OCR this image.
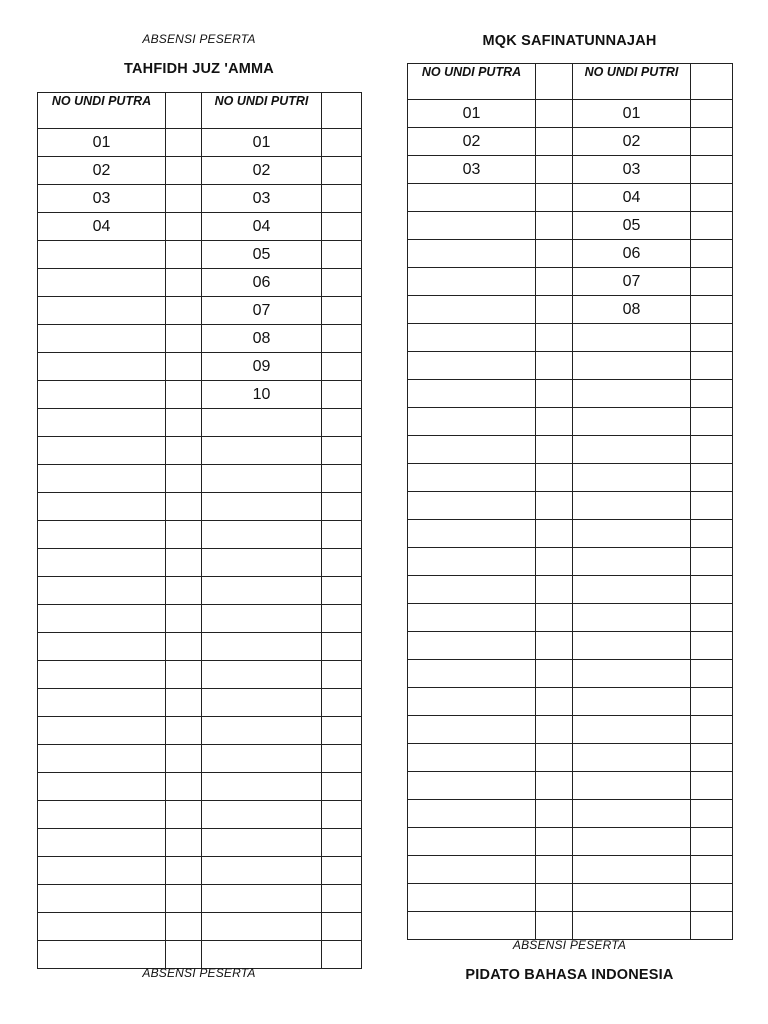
ABSENSI PESERTA
TAHFIDH JUZ 'AMMA
NO UNDI PUTRA		NO UNDI PUTRI	
01		01	
02		02	
03		03	
04		04	
		05	
		06	
		07	
		08	
		09	
		10	

ABSENSI PESERTA
MQK SAFINATUNNAJAH
NO UNDI PUTRA		NO UNDI PUTRI	
01		01	
02		02	
03		03	
		04	
		05	
		06	
		07	
		08	

ABSENSI PESERTA
PIDATO BAHASA INDONESIA
